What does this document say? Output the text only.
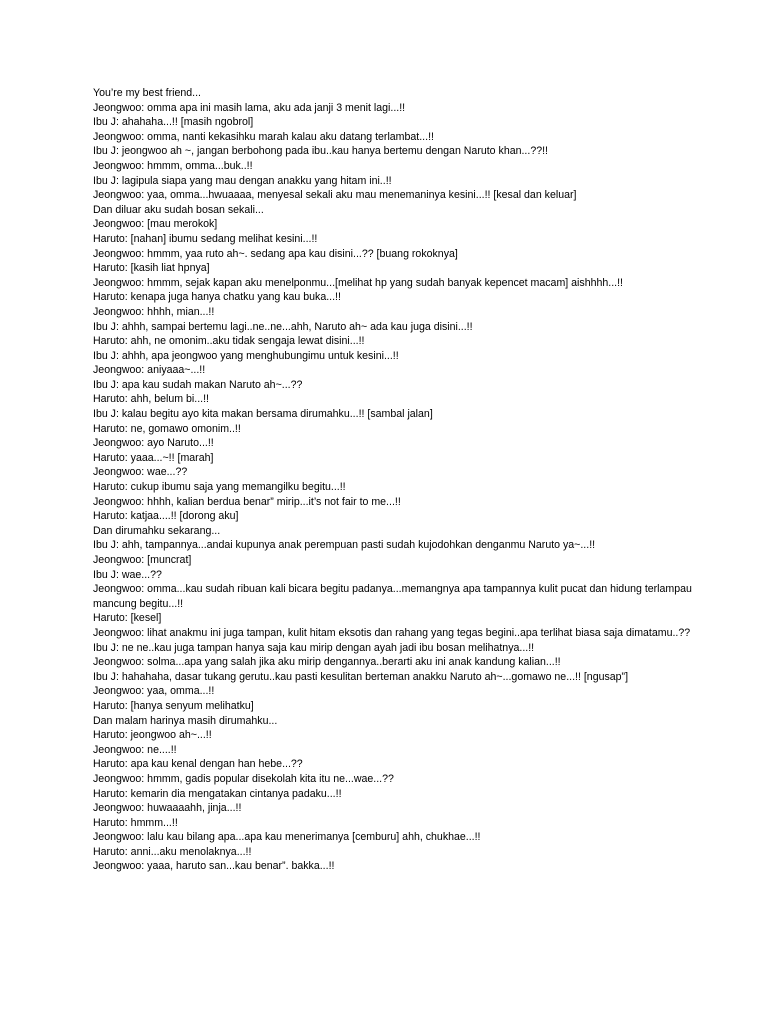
You’re my best friend...

Jeongwoo: omma apa ini masih lama, aku ada janji 3 menit lagi...!!

Ibu J: ahahaha...!! [masih ngobrol]

Jeongwoo: omma, nanti kekasihku marah kalau aku datang terlambat...!!

Ibu J: jeongwoo ah ~, jangan berbohong pada ibu..kau hanya bertemu dengan Naruto khan...??!!

Jeongwoo: hmmm, omma...buk..!!

Ibu J: lagipula siapa yang mau dengan anakku yang hitam ini..!!

Jeongwoo: yaa, omma...hwuaaaa, menyesal sekali aku mau menemaninya kesini...!! [kesal dan keluar]

Dan diluar aku sudah bosan sekali...

Jeongwoo: [mau merokok]

Haruto: [nahan] ibumu sedang melihat kesini...!!

Jeongwoo: hmmm, yaa ruto ah~. sedang apa kau disini...?? [buang rokoknya]

Haruto: [kasih liat hpnya]

Jeongwoo: hmmm, sejak kapan aku menelponmu...[melihat hp yang sudah banyak kepencet macam] aishhhh...!!

Haruto: kenapa juga hanya chatku yang kau buka...!!

Jeongwoo: hhhh, mian...!!

Ibu J: ahhh, sampai bertemu lagi..ne..ne...ahh, Naruto ah~ ada kau juga disini...!!

Haruto: ahh, ne omonim..aku tidak sengaja lewat disini...!!

Ibu J: ahhh, apa jeongwoo yang menghubungimu untuk kesini...!!

Jeongwoo: aniyaaa~...!!

Ibu J: apa kau sudah makan Naruto ah~...??

Haruto: ahh, belum bi...!!

Ibu J: kalau begitu ayo kita makan bersama dirumahku...!! [sambal jalan]

Haruto: ne, gomawo omonim..!!

Jeongwoo: ayo Naruto...!!

Haruto: yaaa...~!! [marah]

Jeongwoo: wae...??

Haruto: cukup ibumu saja yang memangilku begitu...!!

Jeongwoo: hhhh, kalian berdua benar” mirip...it’s not fair to me...!!

Haruto: katjaa....!! [dorong aku]

Dan dirumahku sekarang...

Ibu J: ahh, tampannya...andai kupunya anak perempuan pasti sudah kujodohkan denganmu Naruto ya~...!!

Jeongwoo: [muncrat]

Ibu J: wae...??

Jeongwoo: omma...kau sudah ribuan kali bicara begitu padanya...memangnya apa tampannya kulit pucat dan hidung terlampau mancung begitu...!!

Haruto: [kesel]

Jeongwoo: lihat anakmu ini juga tampan, kulit hitam eksotis dan rahang yang tegas begini..apa terlihat biasa saja dimatamu..??

Ibu J: ne ne..kau juga tampan hanya saja kau mirip dengan ayah jadi ibu bosan melihatnya...!!

Jeongwoo: solma...apa yang salah jika aku mirip dengannya..berarti aku ini anak kandung kalian...!!

Ibu J: hahahaha, dasar tukang gerutu..kau pasti kesulitan berteman anakku Naruto ah~...gomawo ne...!! [ngusap”]

Jeongwoo: yaa, omma...!!

Haruto: [hanya senyum melihatku]

Dan malam harinya masih dirumahku...

Haruto: jeongwoo ah~...!!

Jeongwoo: ne....!!

Haruto: apa kau kenal dengan han hebe...??

Jeongwoo: hmmm, gadis popular disekolah kita itu ne...wae...??

Haruto: kemarin dia mengatakan cintanya padaku...!!

Jeongwoo: huwaaaahh, jinja...!!

Haruto: hmmm...!!

Jeongwoo: lalu kau bilang apa...apa kau menerimanya [cemburu] ahh, chukhae...!!

Haruto: anni...aku menolaknya...!!

Jeongwoo: yaaa, haruto san...kau benar”. bakka...!!
